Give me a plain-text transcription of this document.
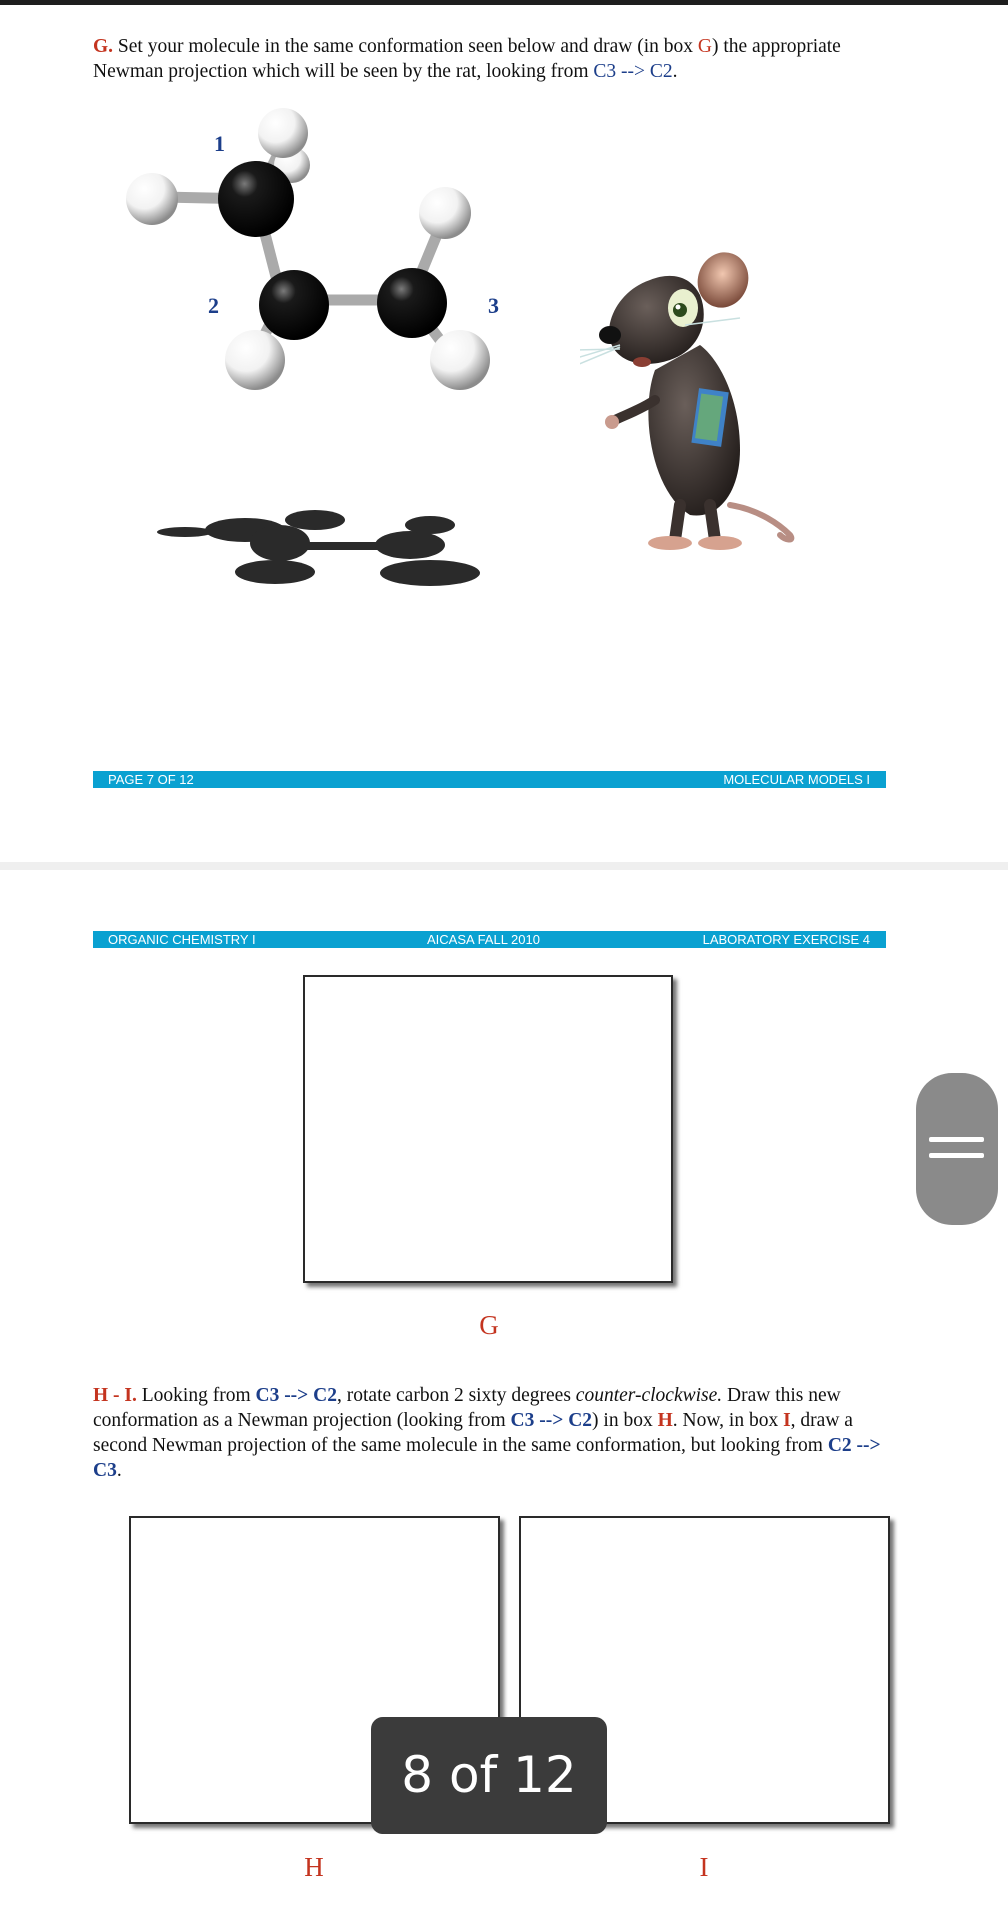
G. Set your molecule in the same conformation seen below and draw (in box G) the appropriate Newman projection which will be seen by the rat, looking from C3 --> C2.
1
2	3
PAGE 7 OF 12	MOLECULAR MODELS I
ORGANIC CHEMISTRY I	AICASA FALL 2010	LABORATORY EXERCISE 4
G
H - I. Looking from C3 --> C2, rotate carbon 2 sixty degrees counter-clockwise. Draw this new conformation as a Newman projection (looking from C3 --> C2) in box H. Now, in box I, draw a second Newman projection of the same molecule in the same conformation, but looking from C2 --> C3.
H	I
8 of 12
